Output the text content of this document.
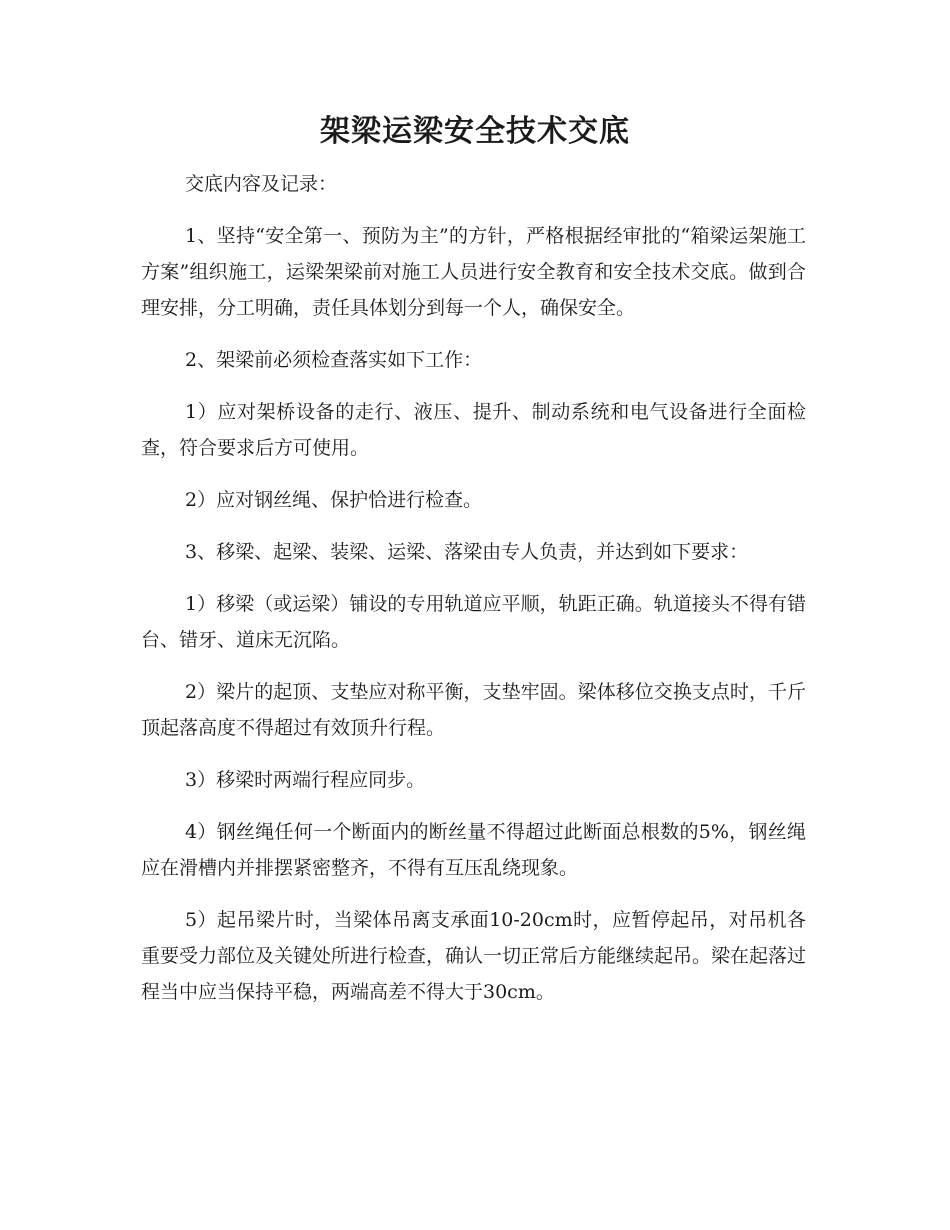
架梁运梁安全技术交底

交底内容及记录：

1、坚持“安全第一、预防为主”的方针，严格根据经审批的“箱梁运架施工方案”组织施工，运梁架梁前对施工人员进行安全教育和安全技术交底。做到合理安排，分工明确，责任具体划分到每一个人，确保安全。

2、架梁前必须检查落实如下工作：

1）应对架桥设备的走行、液压、提升、制动系统和电气设备进行全面检查，符合要求后方可使用。

2）应对钢丝绳、保护恰进行检查。

3、移梁、起梁、装梁、运梁、落梁由专人负责，并达到如下要求：

1）移梁（或运梁）铺设的专用轨道应平顺，轨距正确。轨道接头不得有错台、错牙、道床无沉陷。

2）梁片的起顶、支垫应对称平衡，支垫牢固。梁体移位交换支点时，千斤顶起落高度不得超过有效顶升行程。

3）移梁时两端行程应同步。

4）钢丝绳任何一个断面内的断丝量不得超过此断面总根数的5%，钢丝绳应在滑槽内并排摆紧密整齐，不得有互压乱绕现象。

5）起吊梁片时，当梁体吊离支承面10-20cm时，应暂停起吊，对吊机各重要受力部位及关键处所进行检查，确认一切正常后方能继续起吊。梁在起落过程当中应当保持平稳，两端高差不得大于30cm。
